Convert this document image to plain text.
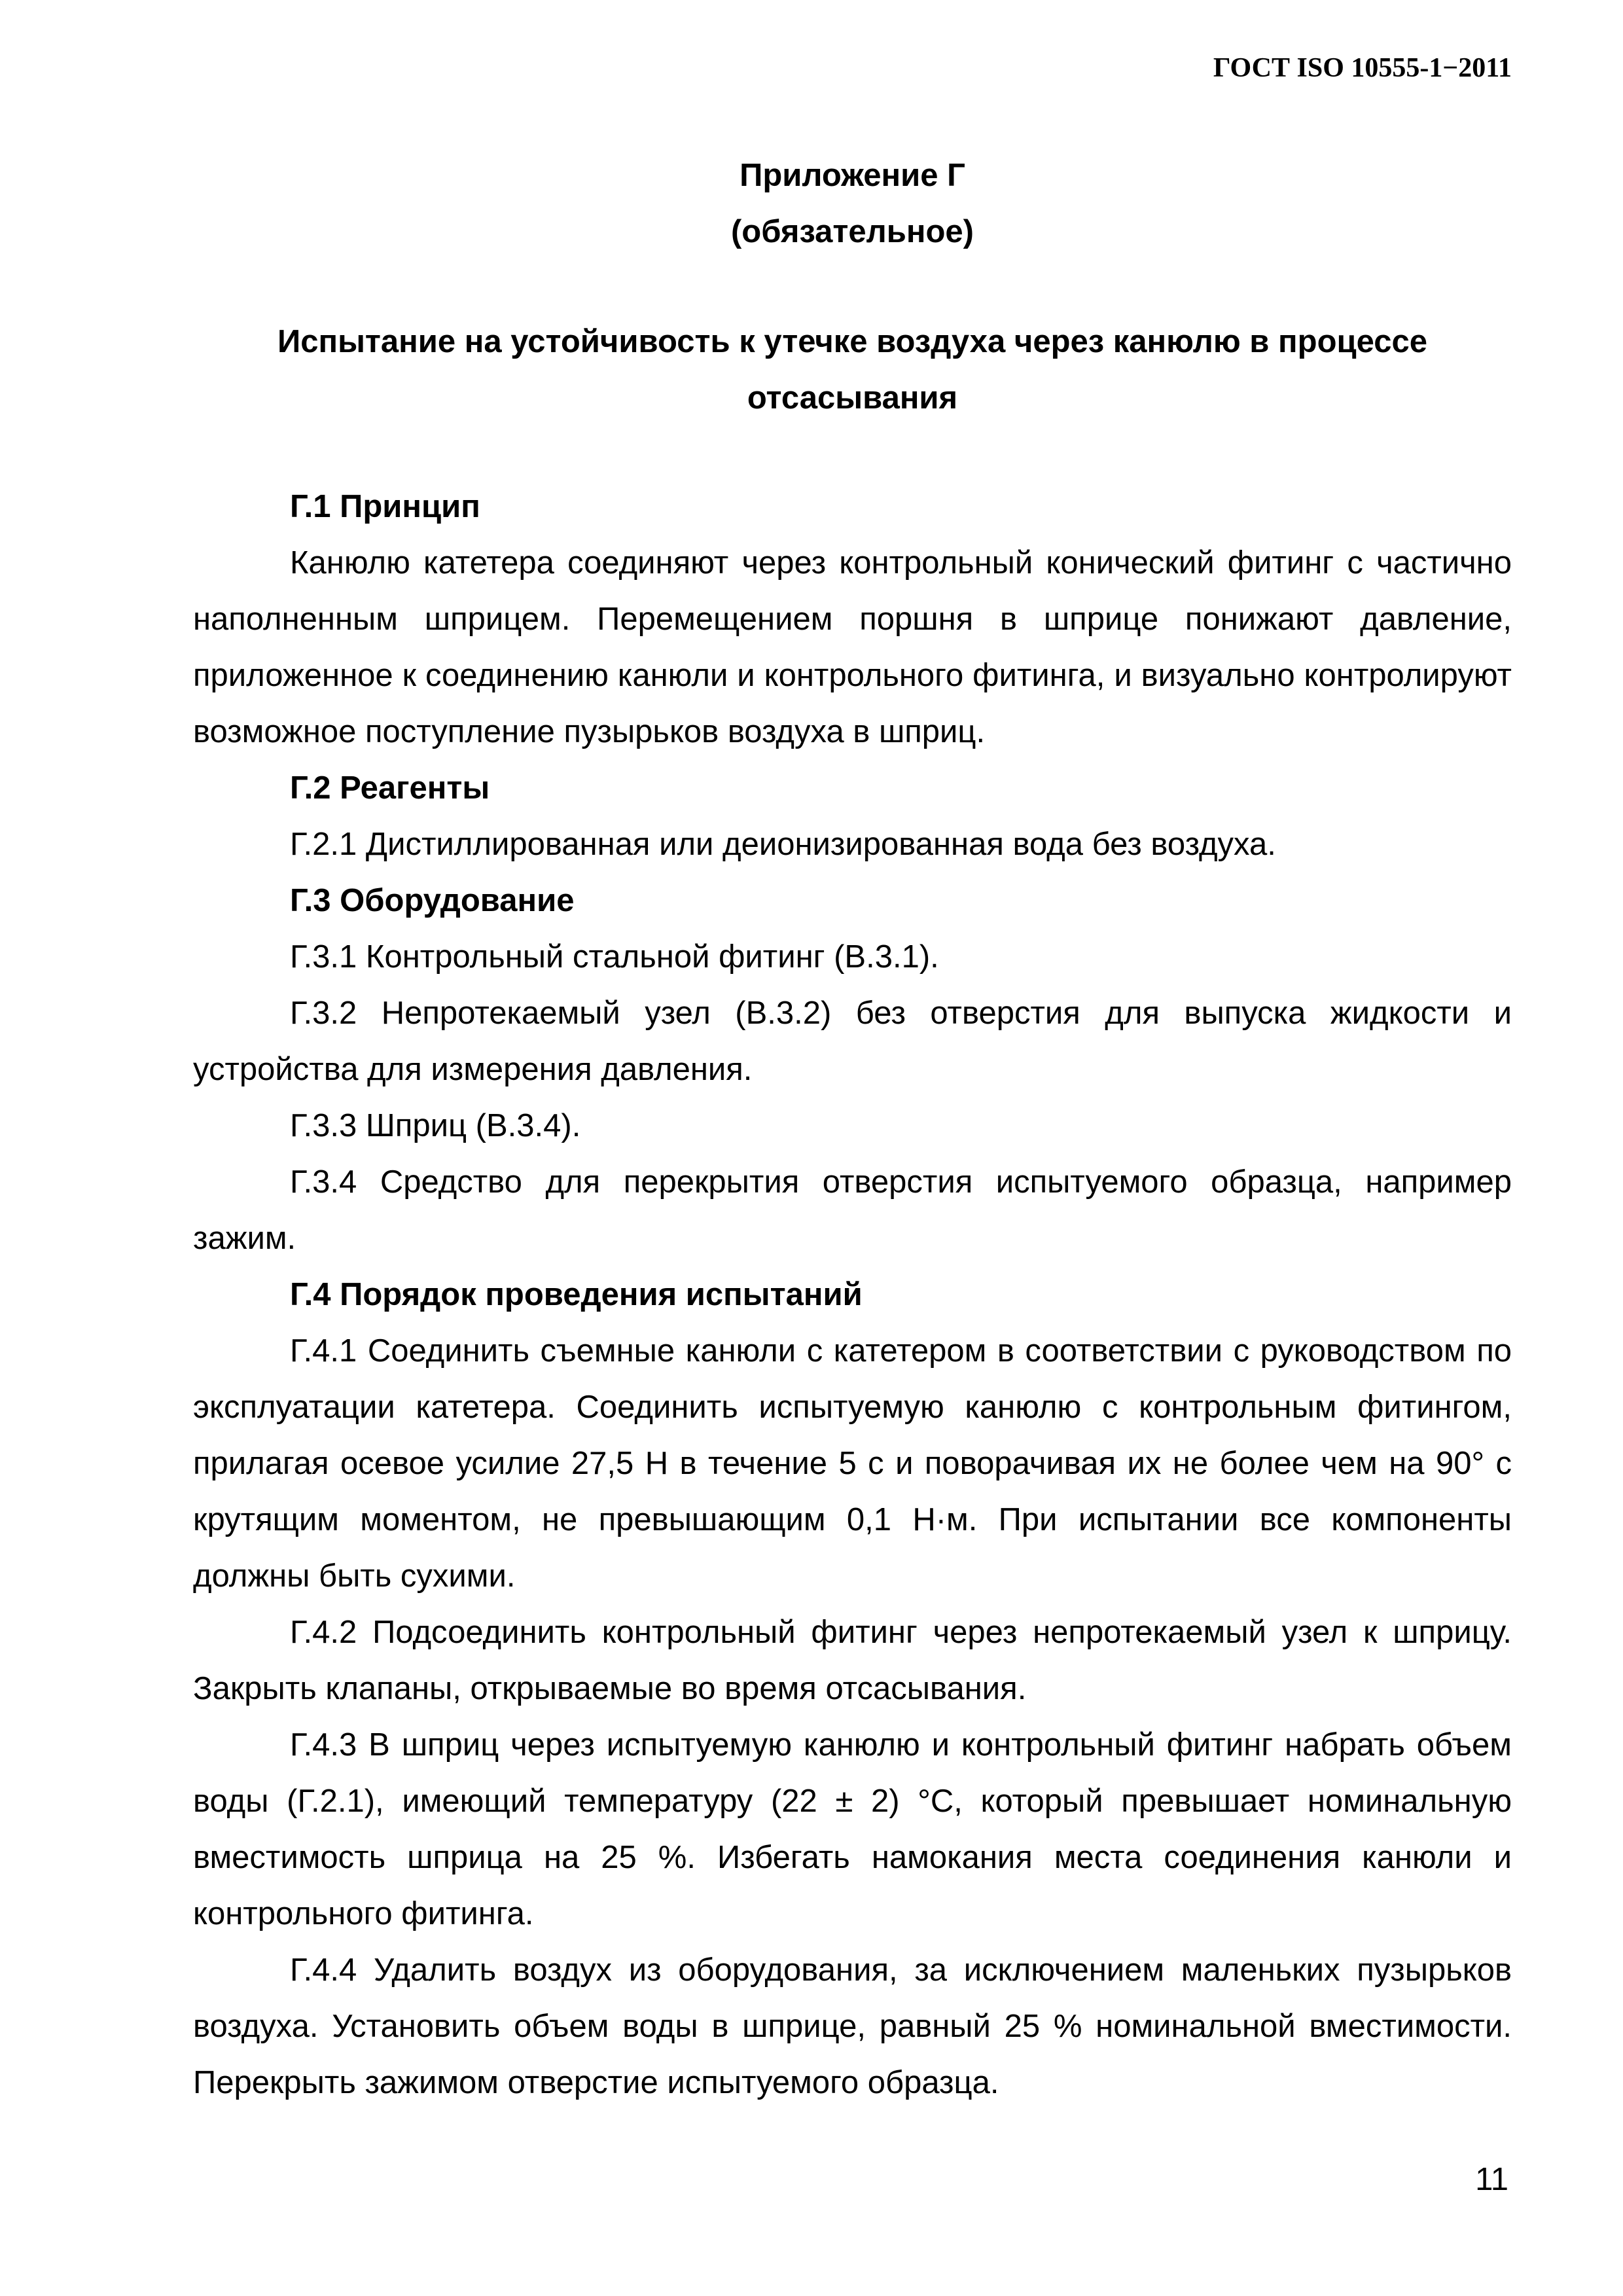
ГОСТ ISO 10555-1−2011

Приложение Г

(обязательное)

Испытание на устойчивость к утечке воздуха через канюлю в процессе
отсасывания

Г.1 Принцип

Канюлю катетера соединяют через контрольный конический фитинг с частично наполненным шприцем. Перемещением поршня в шприце понижают давление, приложенное к соединению канюли и контрольного фитинга, и визуально контролируют возможное поступление пузырьков воздуха в шприц.

Г.2 Реагенты

Г.2.1 Дистиллированная или деионизированная вода без воздуха.

Г.3 Оборудование

Г.3.1 Контрольный стальной фитинг (В.3.1).

Г.3.2 Непротекаемый узел (В.3.2) без отверстия для выпуска жидкости и устройства для измерения давления.

Г.3.3 Шприц (В.3.4).

Г.3.4 Средство для перекрытия отверстия испытуемого образца, например зажим.

Г.4 Порядок проведения испытаний

Г.4.1 Соединить съемные канюли с катетером в соответствии с руководством по эксплуатации катетера. Соединить испытуемую канюлю с контрольным фитингом, прилагая осевое усилие 27,5 Н в течение 5 с и поворачивая их не более чем на 90° с крутящим моментом, не превышающим 0,1 Н·м. При испытании все компоненты должны быть сухими.

Г.4.2 Подсоединить контрольный фитинг через непротекаемый узел к шприцу. Закрыть клапаны, открываемые во время отсасывания.

Г.4.3 В шприц через испытуемую канюлю и контрольный фитинг набрать объем воды (Г.2.1), имеющий температуру (22 ± 2) °С, который превышает номинальную вместимость шприца на 25 %. Избегать намокания места соединения канюли и контрольного фитинга.

Г.4.4 Удалить воздух из оборудования, за исключением маленьких пузырьков воздуха. Установить объем воды в шприце, равный 25 % номинальной вместимости. Перекрыть зажимом отверстие испытуемого образца.

11
